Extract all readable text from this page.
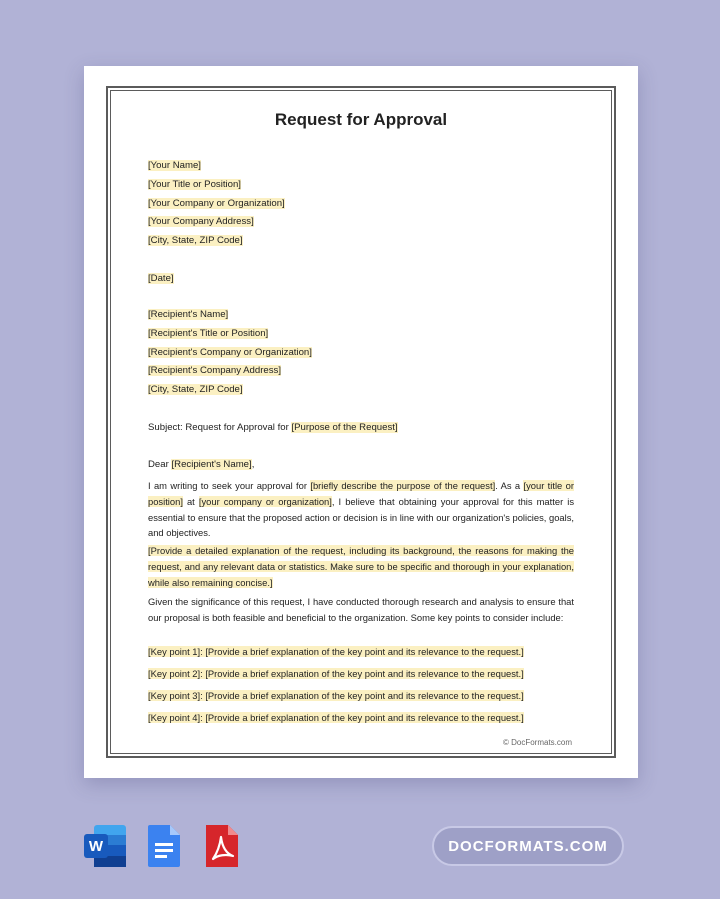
Request for Approval
[Your Name]
[Your Title or Position]
[Your Company or Organization]
[Your Company Address]
[City, State, ZIP Code]
[Date]
[Recipient's Name]
[Recipient's Title or Position]
[Recipient's Company or Organization]
[Recipient's Company Address]
[City, State, ZIP Code]
Subject: Request for Approval for [Purpose of the Request]
Dear [Recipient's Name],
I am writing to seek your approval for [briefly describe the purpose of the request]. As a [your title or position] at [your company or organization], I believe that obtaining your approval for this matter is essential to ensure that the proposed action or decision is in line with our organization's policies, goals, and objectives.
[Provide a detailed explanation of the request, including its background, the reasons for making the request, and any relevant data or statistics. Make sure to be specific and thorough in your explanation, while also remaining concise.]
Given the significance of this request, I have conducted thorough research and analysis to ensure that our proposal is both feasible and beneficial to the organization. Some key points to consider include:
[Key point 1]: [Provide a brief explanation of the key point and its relevance to the request.]
[Key point 2]: [Provide a brief explanation of the key point and its relevance to the request.]
[Key point 3]: [Provide a brief explanation of the key point and its relevance to the request.]
[Key point 4]: [Provide a brief explanation of the key point and its relevance to the request.]
© DocFormats.com
W	DOCFORMATS.COM
